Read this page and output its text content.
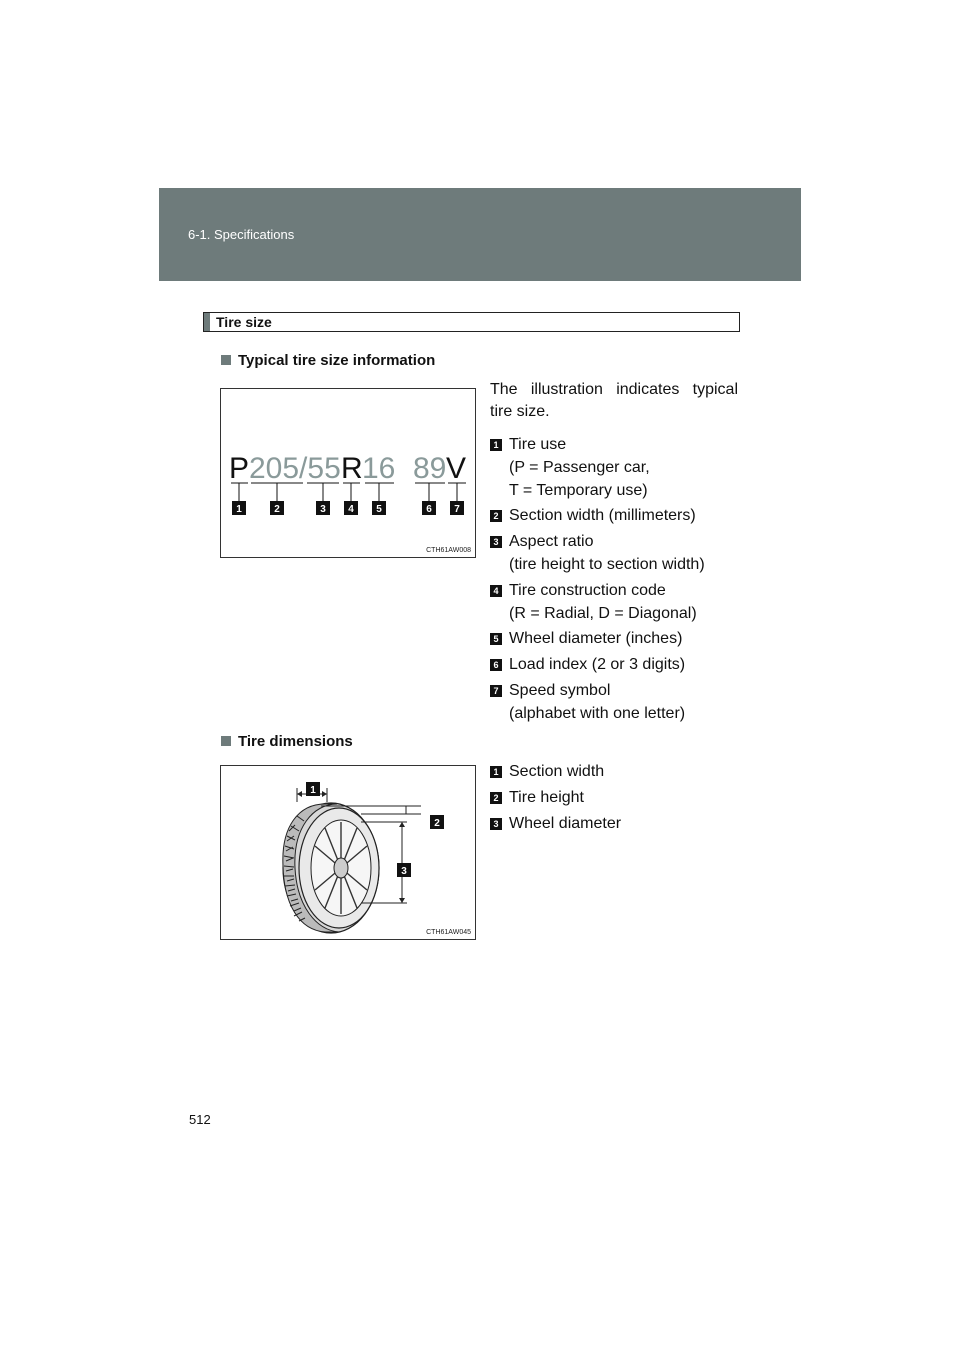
6-1. Specifications
Tire size
Typical tire size information
P 205/55 R 16 89 V
1	2	3 4 5	6 7
CTH61AW008
The illustration indicates typical tire size.
1 Tire use
(P = Passenger car,
T = Temporary use)
2 Section width (millimeters)
3 Aspect ratio
(tire height to section width)
4 Tire construction code
(R = Radial, D = Diagonal)
5 Wheel diameter (inches)
6 Load index (2 or 3 digits)
7 Speed symbol
(alphabet with one letter)
Tire dimensions
1
2
3
CTH61AW045
1 Section width
2 Tire height
3 Wheel diameter
512
